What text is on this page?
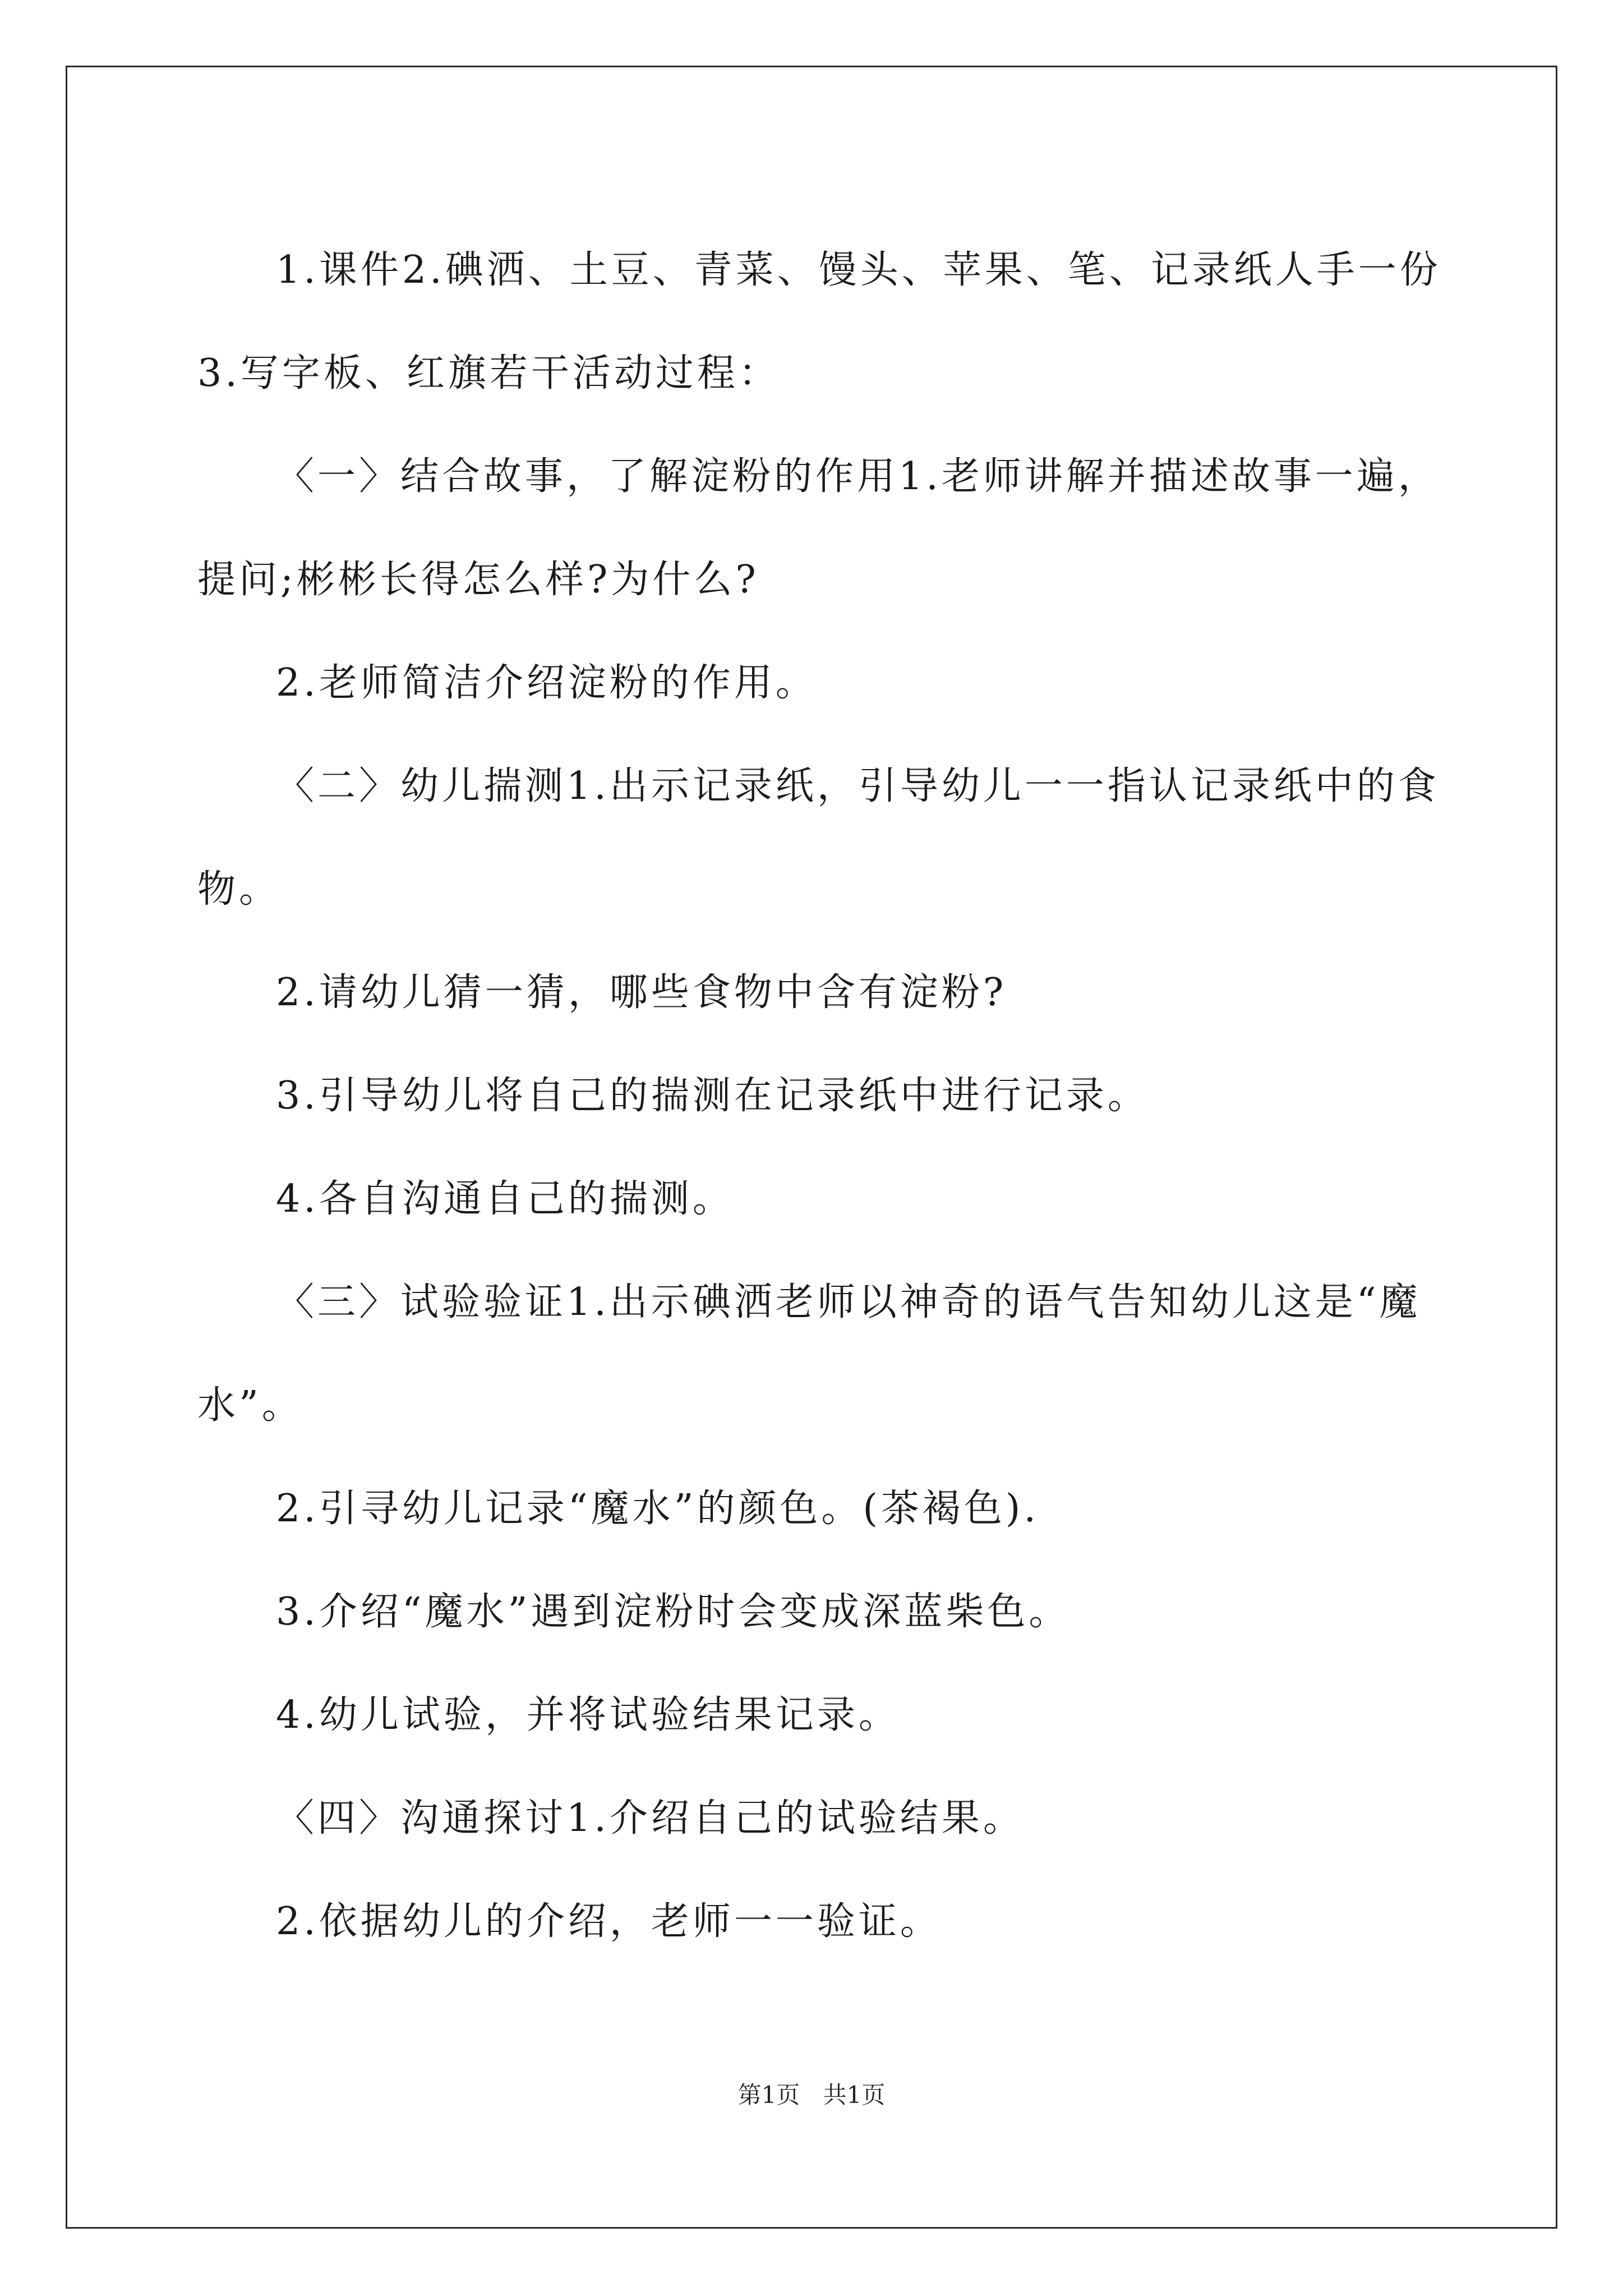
1.课件2.碘洒、土豆、青菜、馒头、苹果、笔、记录纸人手一份3.写字板、红旗若干活动过程：

〈一〉结合故事，了解淀粉的作用1.老师讲解并描述故事一遍，提问;彬彬长得怎么样?为什么?

2.老师简洁介绍淀粉的作用。

〈二〉幼儿揣测1.出示记录纸，引导幼儿一一指认记录纸中的食物。

2.请幼儿猜一猜，哪些食物中含有淀粉?

3.引导幼儿将自己的揣测在记录纸中进行记录。

4.各自沟通自己的揣测。

〈三〉试验验证1.出示碘洒老师以神奇的语气告知幼儿这是“魔水”。

2.引寻幼儿记录“魔水”的颜色。(茶褐色).

3.介绍“魔水”遇到淀粉时会变成深蓝柴色。

4.幼儿试验，并将试验结果记录。

〈四〉沟通探讨1.介绍自己的试验结果。

2.依据幼儿的介绍，老师一一验证。

第1页 共1页
